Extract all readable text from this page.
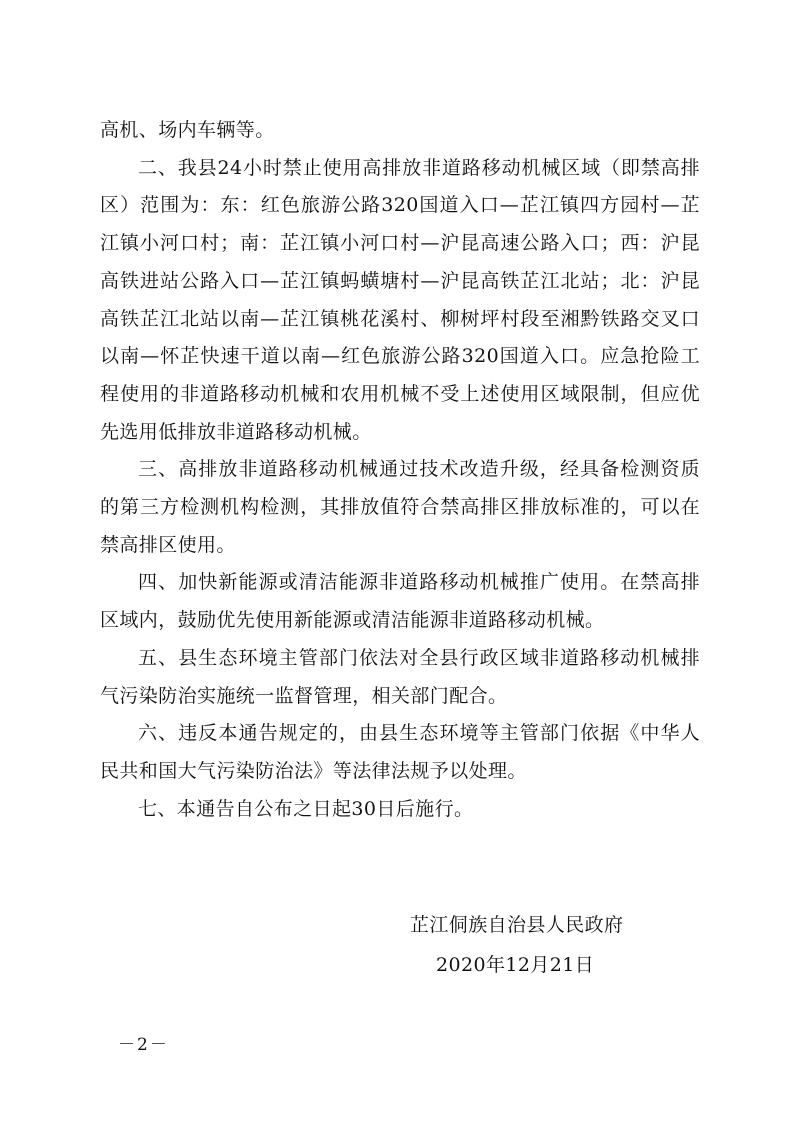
高机、场内车辆等。

二、我县24小时禁止使用高排放非道路移动机械区域（即禁高排区）范围为：东：红色旅游公路320国道入口—芷江镇四方园村—芷江镇小河口村；南：芷江镇小河口村—沪昆高速公路入口；西：沪昆高铁进站公路入口—芷江镇蚂蟥塘村—沪昆高铁芷江北站；北：沪昆高铁芷江北站以南—芷江镇桃花溪村、柳树坪村段至湘黔铁路交叉口以南—怀芷快速干道以南—红色旅游公路320国道入口。应急抢险工程使用的非道路移动机械和农用机械不受上述使用区域限制，但应优先选用低排放非道路移动机械。

三、高排放非道路移动机械通过技术改造升级，经具备检测资质的第三方检测机构检测，其排放值符合禁高排区排放标准的，可以在禁高排区使用。

四、加快新能源或清洁能源非道路移动机械推广使用。在禁高排区域内，鼓励优先使用新能源或清洁能源非道路移动机械。

五、县生态环境主管部门依法对全县行政区域非道路移动机械排气污染防治实施统一监督管理，相关部门配合。

六、违反本通告规定的，由县生态环境等主管部门依据《中华人民共和国大气污染防治法》等法律法规予以处理。

七、本通告自公布之日起30日后施行。

芷江侗族自治县人民政府
2020年12月21日
－2－
